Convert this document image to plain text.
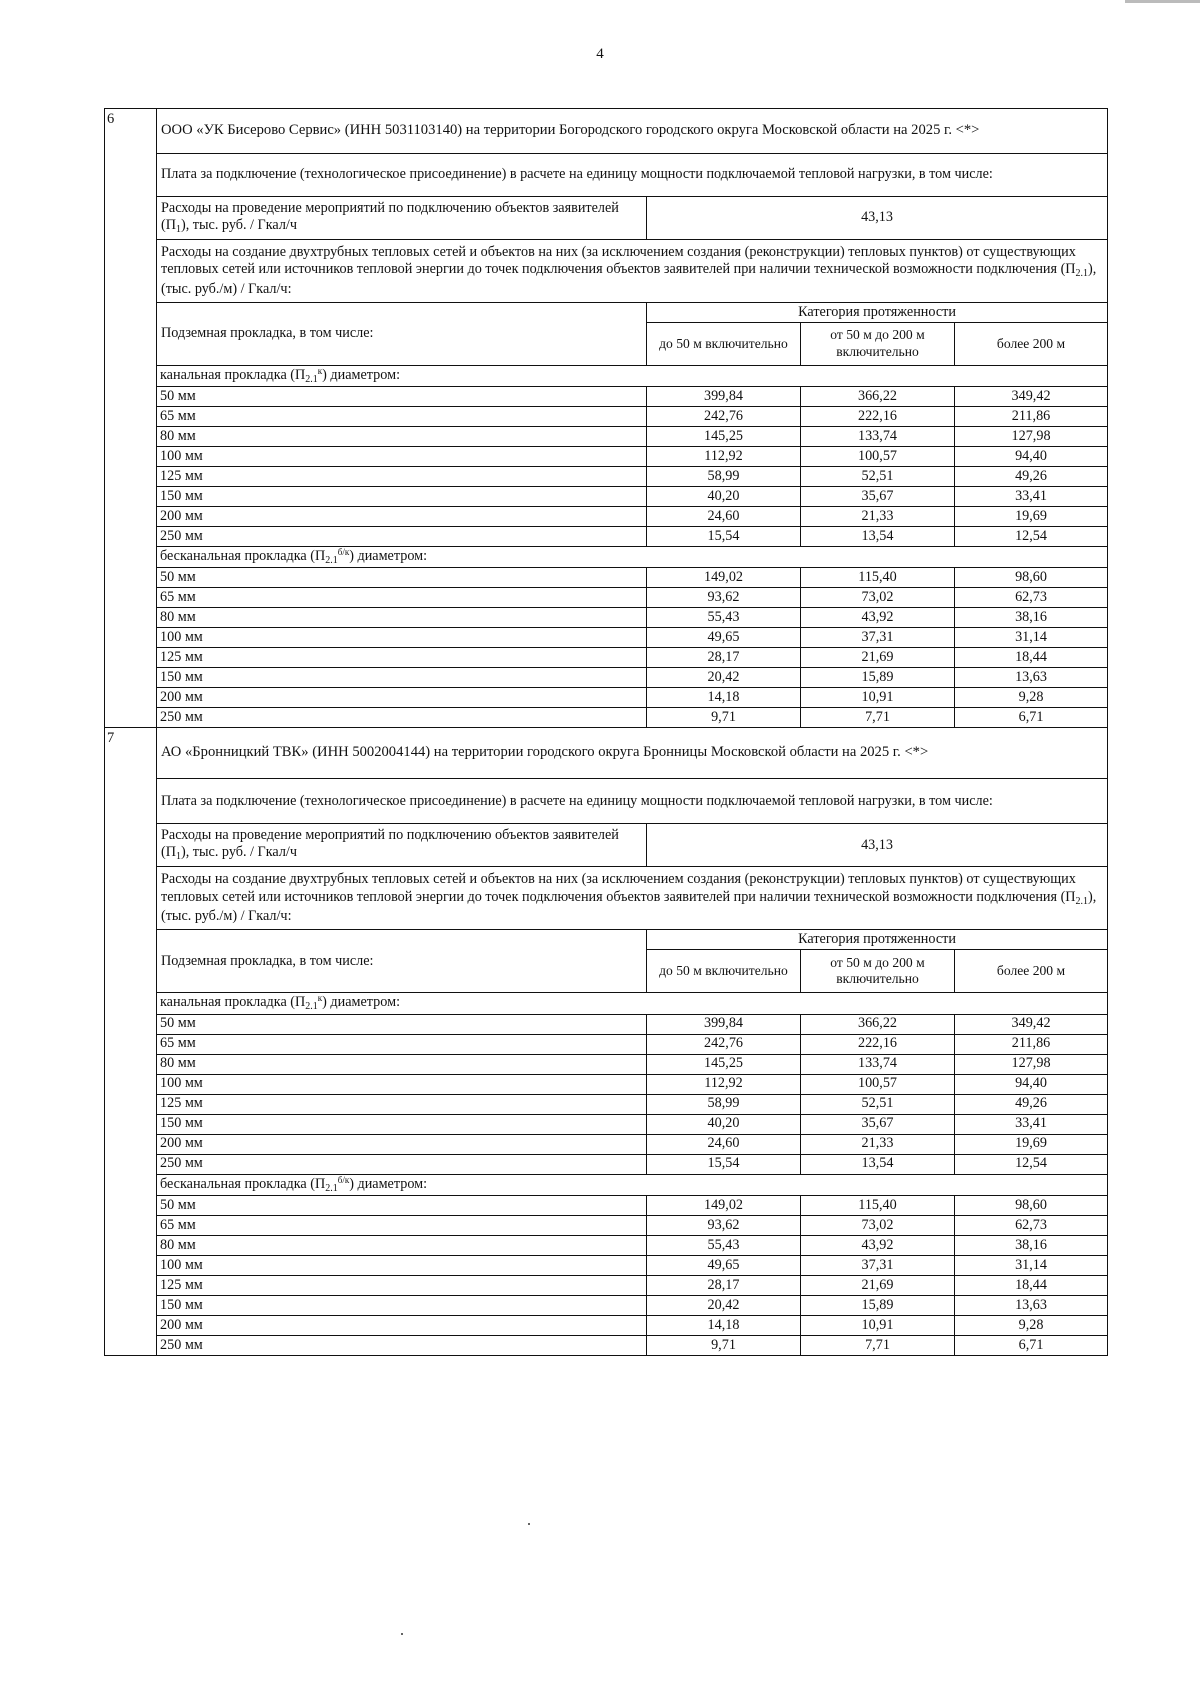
4
6	ООО «УК Бисерово Сервис» (ИНН 5031103140) на территории Богородского городского округа Московской области на 2025 г. <*>			
	Плата за подключение (технологическое присоединение) в расчете на единицу мощности подключаемой тепловой нагрузки, в том числе:			
	Расходы на проведение мероприятий по подключению объектов заявителей $(П_1)$, тыс. руб. / Гкал/ч	43,13		
	Расходы на создание двухтрубных тепловых сетей и объектов на них (за исключением создания (реконструкции) тепловых пунктов) от существующих тепловых сетей или источников тепловой энергии до точек подключения объектов заявителей при наличии технической возможности подключения $(П_{2.1})$, (тыс. руб./м) / Гкал/ч:			
	Подземная прокладка, в том числе:	Категория протяженности		
		до 50 м включительно	от 50 м до 200 м включительно	более 200 м
	канальная прокладка $(П_{2.1}^к)$ диаметром:			
	50 мм	399,84	366,22	349,42
	65 мм	242,76	222,16	211,86
	80 мм	145,25	133,74	127,98
	100 мм	112,92	100,57	94,40
	125 мм	58,99	52,51	49,26
	150 мм	40,20	35,67	33,41
	200 мм	24,60	21,33	19,69
	250 мм	15,54	13,54	12,54
	бесканальная прокладка $(П_{2.1}^{б/к})$ диаметром:			
	50 мм	149,02	115,40	98,60
	65 мм	93,62	73,02	62,73
	80 мм	55,43	43,92	38,16
	100 мм	49,65	37,31	31,14
	125 мм	28,17	21,69	18,44
	150 мм	20,42	15,89	13,63
	200 мм	14,18	10,91	9,28
	250 мм	9,71	7,71	6,71
7	АО «Бронницкий ТВК» (ИНН 5002004144) на территории городского округа Бронницы Московской области на 2025 г. <*>			
	Плата за подключение (технологическое присоединение) в расчете на единицу мощности подключаемой тепловой нагрузки, в том числе:			
	Расходы на проведение мероприятий по подключению объектов заявителей $(П_1)$, тыс. руб. / Гкал/ч	43,13		
	Расходы на создание двухтрубных тепловых сетей и объектов на них (за исключением создания (реконструкции) тепловых пунктов) от существующих тепловых сетей или источников тепловой энергии до точек подключения объектов заявителей при наличии технической возможности подключения $(П_{2.1})$, (тыс. руб./м) / Гкал/ч:			
	Подземная прокладка, в том числе:	Категория протяженности		
		до 50 м включительно	от 50 м до 200 м включительно	более 200 м
	канальная прокладка $(П_{2.1}^к)$ диаметром:			
	50 мм	399,84	366,22	349,42
	65 мм	242,76	222,16	211,86
	80 мм	145,25	133,74	127,98
	100 мм	112,92	100,57	94,40
	125 мм	58,99	52,51	49,26
	150 мм	40,20	35,67	33,41
	200 мм	24,60	21,33	19,69
	250 мм	15,54	13,54	12,54
	бесканальная прокладка $(П_{2.1}^{б/к})$ диаметром:			
	50 мм	149,02	115,40	98,60
	65 мм	93,62	73,02	62,73
	80 мм	55,43	43,92	38,16
	100 мм	49,65	37,31	31,14
	125 мм	28,17	21,69	18,44
	150 мм	20,42	15,89	13,63
	200 мм	14,18	10,91	9,28
	250 мм	9,71	7,71	6,71
